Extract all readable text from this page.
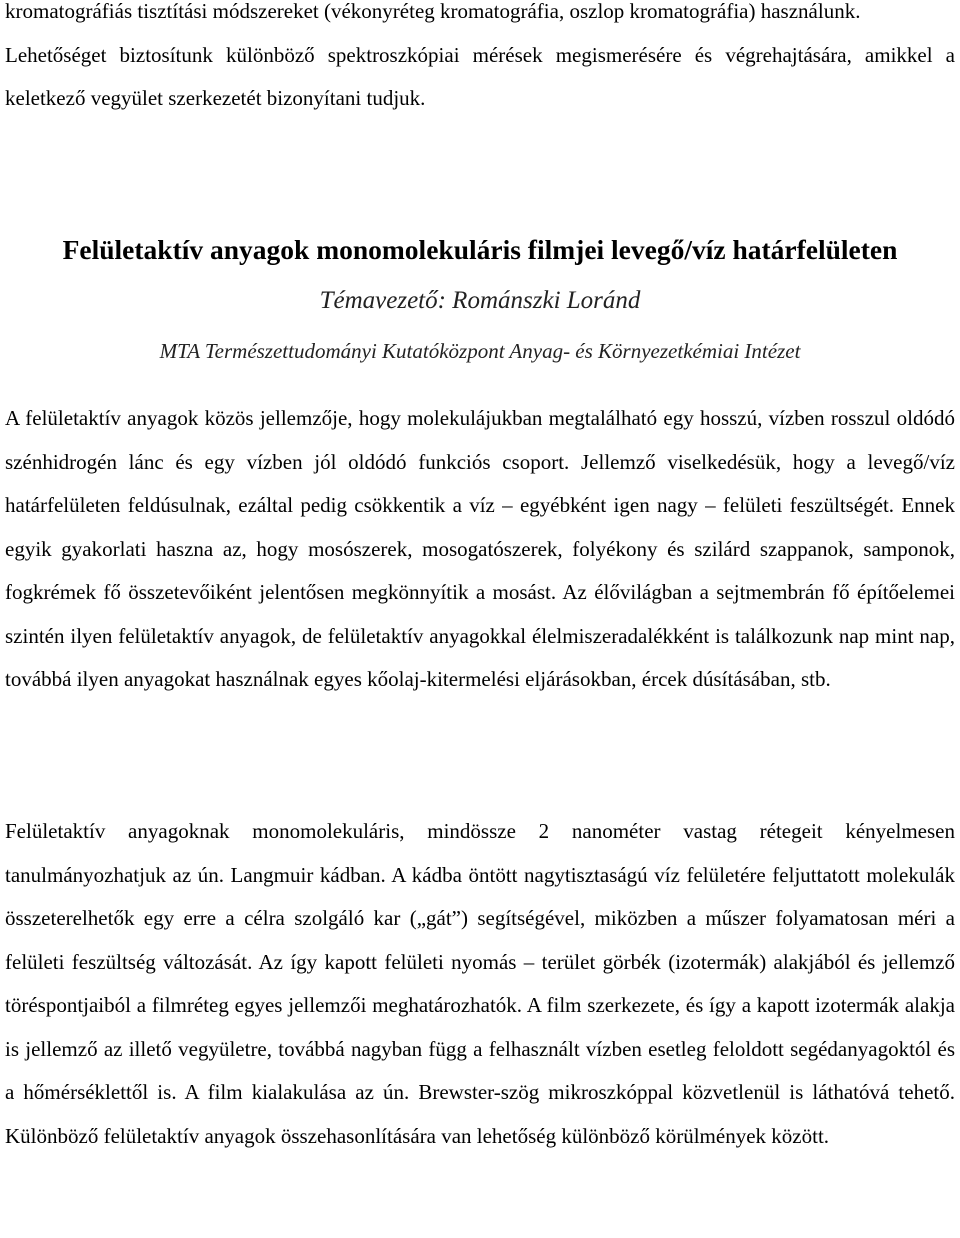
kromatográfiás tisztítási módszereket (vékonyréteg kromatográfia, oszlop kromatográfia) használunk.

Lehetőséget biztosítunk különböző spektroszkópiai mérések megismerésére és végrehajtására, amikkel a keletkező vegyület szerkezetét bizonyítani tudjuk.

Felületaktív anyagok monomolekuláris filmjei levegő/víz határfelületen

Témavezető: Románszki Loránd

MTA Természettudományi Kutatóközpont Anyag- és Környezetkémiai Intézet

A felületaktív anyagok közös jellemzője, hogy molekulájukban megtalálható egy hosszú, vízben rosszul oldódó szénhidrogén lánc és egy vízben jól oldódó funkciós csoport. Jellemző viselkedésük, hogy a levegő/víz határfelületen feldúsulnak, ezáltal pedig csökkentik a víz – egyébként igen nagy – felületi feszültségét. Ennek egyik gyakorlati haszna az, hogy mosószerek, mosogatószerek, folyékony és szilárd szappanok, samponok, fogkrémek fő összetevőiként jelentősen megkönnyítik a mosást. Az élővilágban a sejtmembrán fő építőelemei szintén ilyen felületaktív anyagok, de felületaktív anyagokkal élelmiszeradalékként is találkozunk nap mint nap, továbbá ilyen anyagokat használnak egyes kőolaj-kitermelési eljárásokban, ércek dúsításában, stb.

Felületaktív anyagoknak monomolekuláris, mindössze 2 nanométer vastag rétegeit kényelmesen tanulmányozhatjuk az ún. Langmuir kádban. A kádba öntött nagytisztaságú víz felületére feljuttatott molekulák összeterelhetők egy erre a célra szolgáló kar („gát”) segítségével, miközben a műszer folyamatosan méri a felületi feszültség változását. Az így kapott felületi nyomás – terület görbék (izotermák) alakjából és jellemző töréspontjaiból a filmréteg egyes jellemzői meghatározhatók. A film szerkezete, és így a kapott izotermák alakja is jellemző az illető vegyületre, továbbá nagyban függ a felhasznált vízben esetleg feloldott segédanyagoktól és a hőmérséklettől is. A film kialakulása az ún. Brewster-szög mikroszkóppal közvetlenül is láthatóvá tehető. Különböző felületaktív anyagok összehasonlítására van lehetőség különböző körülmények között.
